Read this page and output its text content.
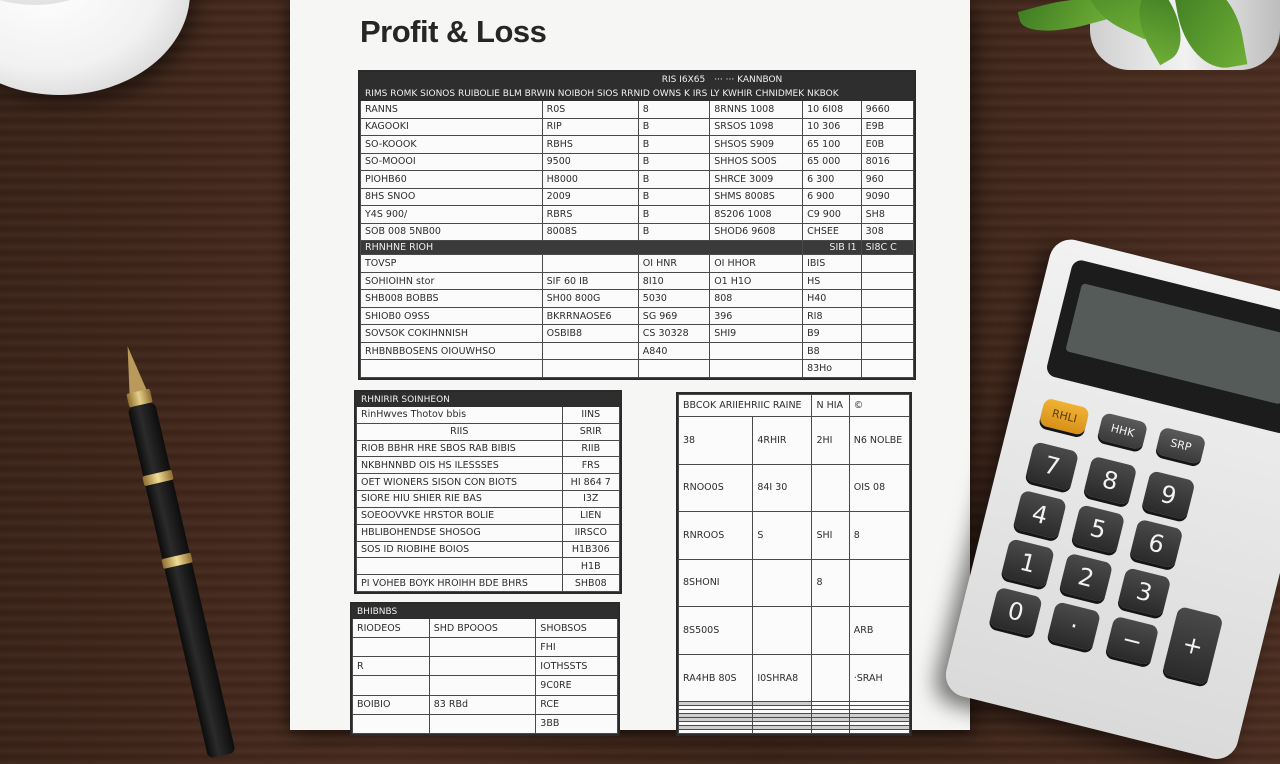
Profit & Loss
RIS I6X65			··· ··· KANNBON		
RIMS ROMK SIONOS RUIBOLIE BLM BRWIN NOIBOH SIOS RRNID OWNS K IRS LY KWHIR CHNIDMEK NKBOK					
RANNS	R0S	8	8RNNS 1008	10 6I08	9660
KAGOOKI	RIP	B	SRSOS 1098	10 306	E9B
SO-KOOOK	RBHS	B	SHSOS S909	65 100	E0B
SO-MOOOI	9500	B	SHHOS SO0S	65 000	8016
PIOHB60	H8000	B	SHRCE 3009	6 300	960
8HS SNOO	2009	B	SHMS 8008S	6 900	9090
Y4S 900/	RBRS	B	8S206 1008	C9 900	SH8
SOB 008 5NB00	8008S	B	SHOD6 9608	CHSEE	308
RHNHNE RIOH				SIB I1	SI8C C
TOVSP		OI HNR	OI HHOR	IBIS	
SOHIOIHN stor	SIF 60 IB	8I10	O1 H1O	HS	
SHB008 BOBBS	SH00 800G	5030	808	H40	
SHIOB0 O9SS	BKRRNAOSE6	SG 969	396	RI8	
SOVSOK COKIHNNISH	OSBIB8	CS 30328	SHI9	B9	
RHBNBBOSENS OIOUWHSO		A840		B8	
				83Ho	
RHNIRIR SOINHEON	
RinHwves Thotov bbis	IINS
RIIS	SRIR
RIOB BBHR HRE SBOS RAB BIBIS	RIIB
NKBHNNBD OIS HS ILESSSES	FRS
OET WIONERS SISON CON BIOTS	HI 864 7
SIORE HIU SHIER RIE BAS	I3Z
SOEOOVVKE HRSTOR BOLIE	LIEN
HBLIBOHENDSE SHOSOG	IIRSCO
SOS ID RIOBIHE BOIOS	H1B306
	H1B
PI VOHEB BOYK HROIHH BDE BHRS	SHB08
BHIBNBS		
RIODEOS	SHD BPOOOS	SHOBSOS
		FHI
R		IOTHSSTS
		9C0RE
BOIBIO	83 RBd	RCE
		3BB
BBCOK ARIIEHRIIC RAINE		N HIA	©
38	4RHIR	2HI	N6 NOLBE
RNOO0S	84I 30		OIS 08
RNROOS	S	SHI	8
8SHONI		8	
8S500S			ARB
RA4HB 80S	I0SHRA8		·SRAH

RHLI
HHK
SRP
7	8	9
4	5	6
1	2	3
0	·	−	+
